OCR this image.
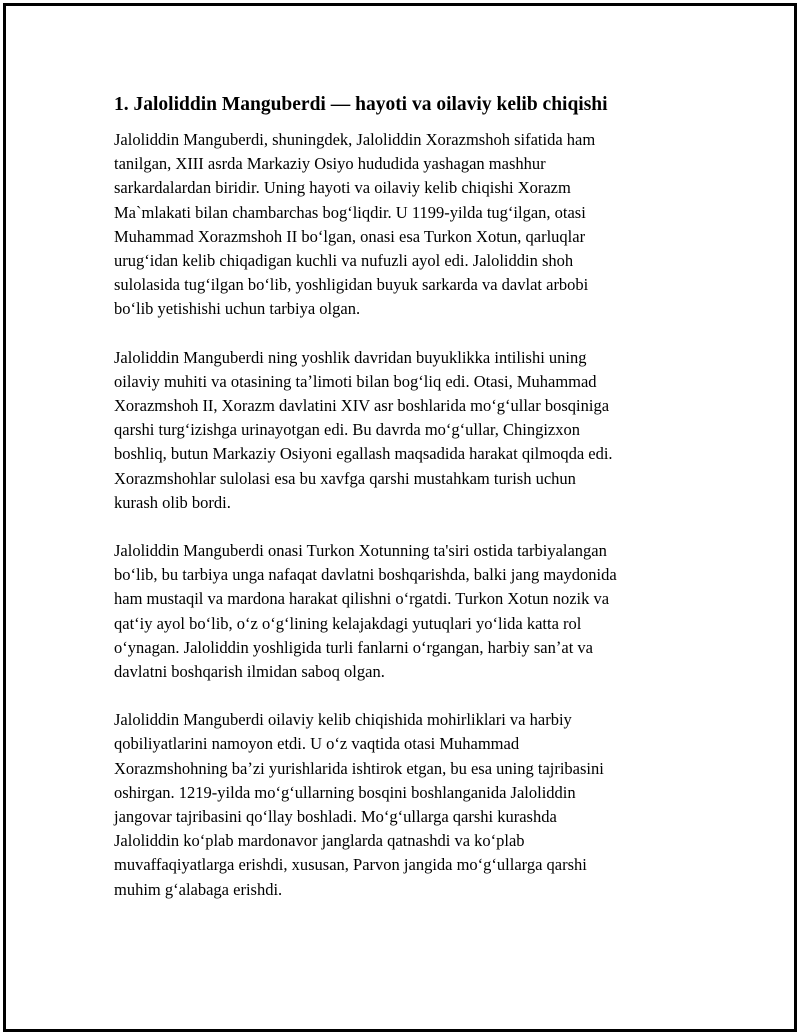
1. Jaloliddin Manguberdi — hayoti va oilaviy kelib chiqishi
Jaloliddin Manguberdi, shuningdek, Jaloliddin Xorazmshoh sifatida ham
tanilgan, XIII asrda Markaziy Osiyo hududida yashagan mashhur
sarkardalardan biridir. Uning hayoti va oilaviy kelib chiqishi Xorazm
Ma`mlakati bilan chambarchas bogʻliqdir. U 1199-yilda tugʻilgan, otasi
Muhammad Xorazmshoh II boʻlgan, onasi esa Turkon Xotun, qarluqlar
urugʻidan kelib chiqadigan kuchli va nufuzli ayol edi. Jaloliddin shoh
sulolasida tugʻilgan boʻlib, yoshligidan buyuk sarkarda va davlat arbobi
boʻlib yetishishi uchun tarbiya olgan.
Jaloliddin Manguberdi ning yoshlik davridan buyuklikka intilishi uning
oilaviy muhiti va otasining taʼlimoti bilan bogʻliq edi. Otasi, Muhammad
Xorazmshoh II, Xorazm davlatini XIV asr boshlarida moʻgʻullar bosqiniga
qarshi turgʻizishga urinayotgan edi. Bu davrda moʻgʻullar, Chingizxon
boshliq, butun Markaziy Osiyoni egallash maqsadida harakat qilmoqda edi.
Xorazmshohlar sulolasi esa bu xavfga qarshi mustahkam turish uchun
kurash olib bordi.
Jaloliddin Manguberdi onasi Turkon Xotunning ta'siri ostida tarbiyalangan
boʻlib, bu tarbiya unga nafaqat davlatni boshqarishda, balki jang maydonida
ham mustaqil va mardona harakat qilishni oʻrgatdi. Turkon Xotun nozik va
qatʻiy ayol boʻlib, oʻz oʻgʻlining kelajakdagi yutuqlari yoʻlida katta rol
oʻynagan. Jaloliddin yoshligida turli fanlarni oʻrgangan, harbiy sanʼat va
davlatni boshqarish ilmidan saboq olgan.
Jaloliddin Manguberdi oilaviy kelib chiqishida mohirliklari va harbiy
qobiliyatlarini namoyon etdi. U oʻz vaqtida otasi Muhammad
Xorazmshohning baʼzi yurishlarida ishtirok etgan, bu esa uning tajribasini
oshirgan. 1219-yilda moʻgʻullarning bosqini boshlanganida Jaloliddin
jangovar tajribasini qoʻllay boshladi. Moʻgʻullarga qarshi kurashda
Jaloliddin koʻplab mardonavor janglarda qatnashdi va koʻplab
muvaffaqiyatlarga erishdi, xususan, Parvon jangida moʻgʻullarga qarshi
muhim gʻalabaga erishdi.
